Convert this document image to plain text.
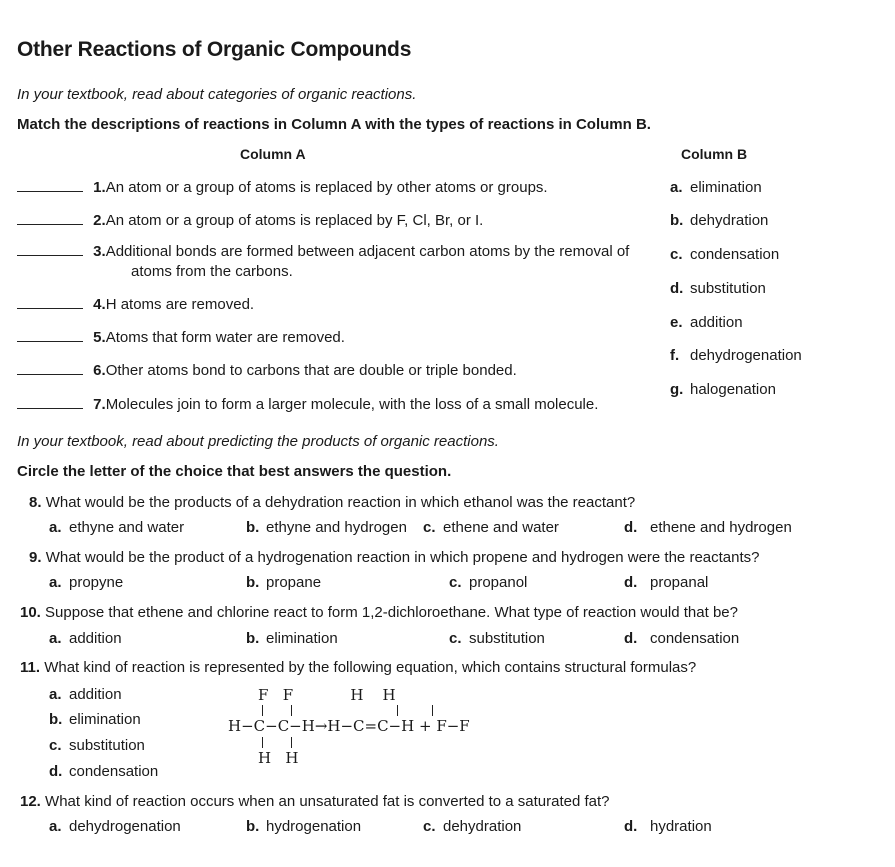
Other Reactions of Organic Compounds
In your textbook, read about categories of organic reactions.
Match the descriptions of reactions in Column A with the types of reactions in Column B.
Column A	Column B
1.An atom or a group of atoms is replaced by other atoms or groups.
2.An atom or a group of atoms is replaced by F, Cl, Br, or I.
3.Additional bonds are formed between adjacent carbon atoms by the removal of
atoms from the carbons.
4.H atoms are removed.
5.Atoms that form water are removed.
6.Other atoms bond to carbons that are double or triple bonded.
7.Molecules join to form a larger molecule, with the loss of a small molecule.
a. elimination
b. dehydration
c. condensation
d. substitution
e. addition
f. dehydrogenation
g. halogenation
In your textbook, read about predicting the products of organic reactions.
Circle the letter of the choice that best answers the question.
8. What would be the products of a dehydration reaction in which ethanol was the reactant?
a. ethyne and water	b. ethyne and hydrogen c. ethene and water	d. ethene and hydrogen
9. What would be the product of a hydrogenation reaction in which propene and hydrogen were the reactants?
a. propyne	b. propane	c. propanol	d. propanal
10. Suppose that ethene and chlorine react to form 1,2-dichloroethane. What type of reaction would that be?
a. addition	b. elimination	c. substitution	d. condensation
11. What kind of reaction is represented by the following equation, which contains structural formulas?
a. addition
b. elimination
c. substitution
d. condensation
F   F            H    H
H−C−C−H→H−C=C−H + F−F
H   H
12. What kind of reaction occurs when an unsaturated fat is converted to a saturated fat?
a. dehydrogenation	b. hydrogenation	c. dehydration	d. hydration
